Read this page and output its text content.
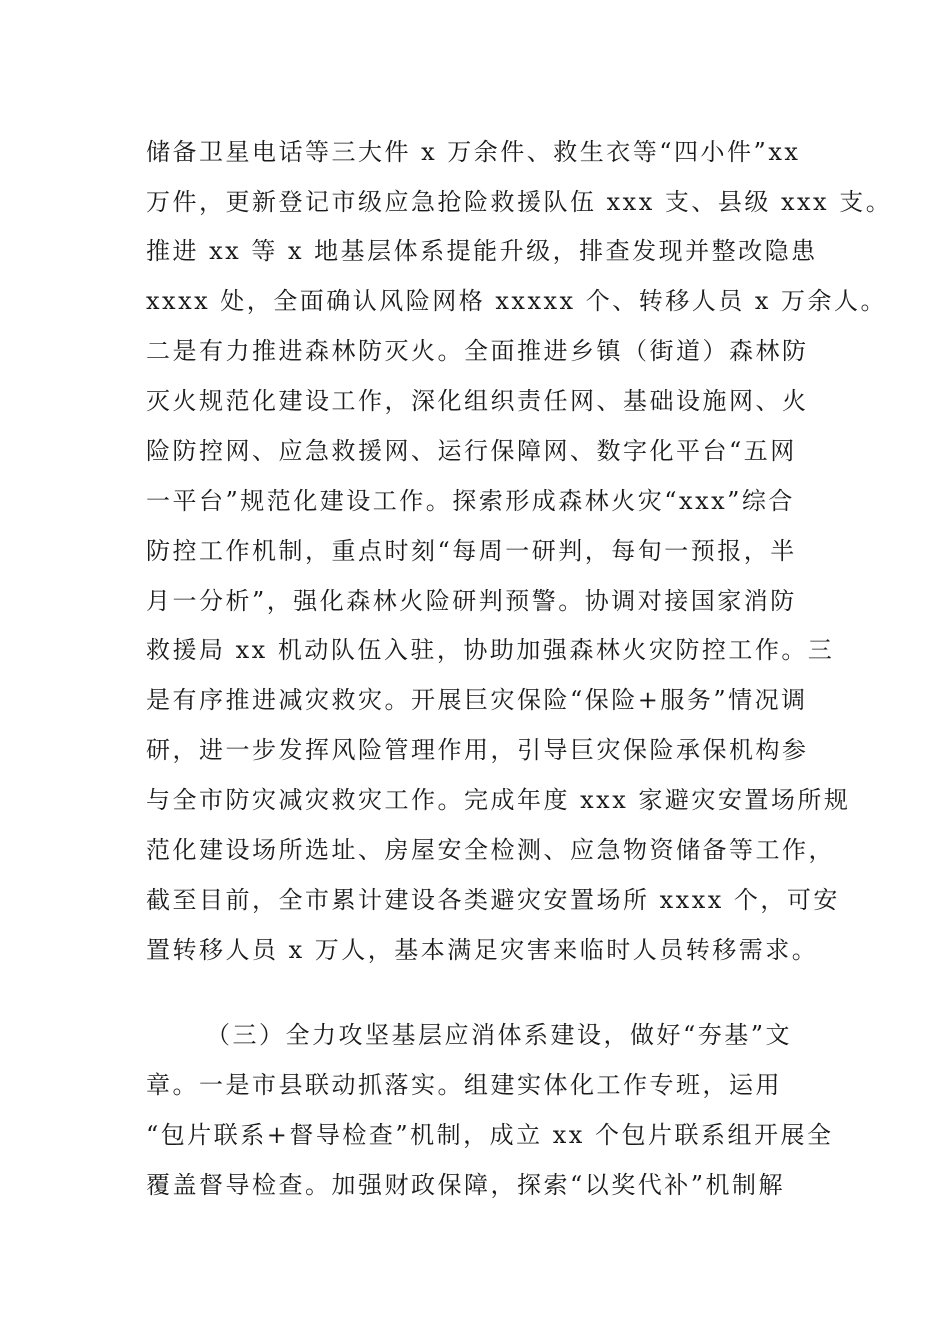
储备卫星电话等三大件 x 万余件、救生衣等“四小件”xx
万件，更新登记市级应急抢险救援队伍 xxx 支、县级 xxx 支。
推进 xx 等 x 地基层体系提能升级，排查发现并整改隐患
xxxx 处，全面确认风险网格 xxxxx 个、转移人员 x 万余人。
二是有力推进森林防灭火。全面推进乡镇（街道）森林防
灭火规范化建设工作，深化组织责任网、基础设施网、火
险防控网、应急救援网、运行保障网、数字化平台“五网
一平台”规范化建设工作。探索形成森林火灾“xxx”综合
防控工作机制，重点时刻“每周一研判，每旬一预报，半
月一分析”，强化森林火险研判预警。协调对接国家消防
救援局 xx 机动队伍入驻，协助加强森林火灾防控工作。三
是有序推进减灾救灾。开展巨灾保险“保险+服务”情况调
研，进一步发挥风险管理作用，引导巨灾保险承保机构参
与全市防灾减灾救灾工作。完成年度 xxx 家避灾安置场所规
范化建设场所选址、房屋安全检测、应急物资储备等工作，
截至目前，全市累计建设各类避灾安置场所 xxxx 个，可安
置转移人员 x 万人，基本满足灾害来临时人员转移需求。
（三）全力攻坚基层应消体系建设，做好“夯基”文
章。一是市县联动抓落实。组建实体化工作专班，运用
“包片联系+督导检查”机制，成立 xx 个包片联系组开展全
覆盖督导检查。加强财政保障，探索“以奖代补”机制解
